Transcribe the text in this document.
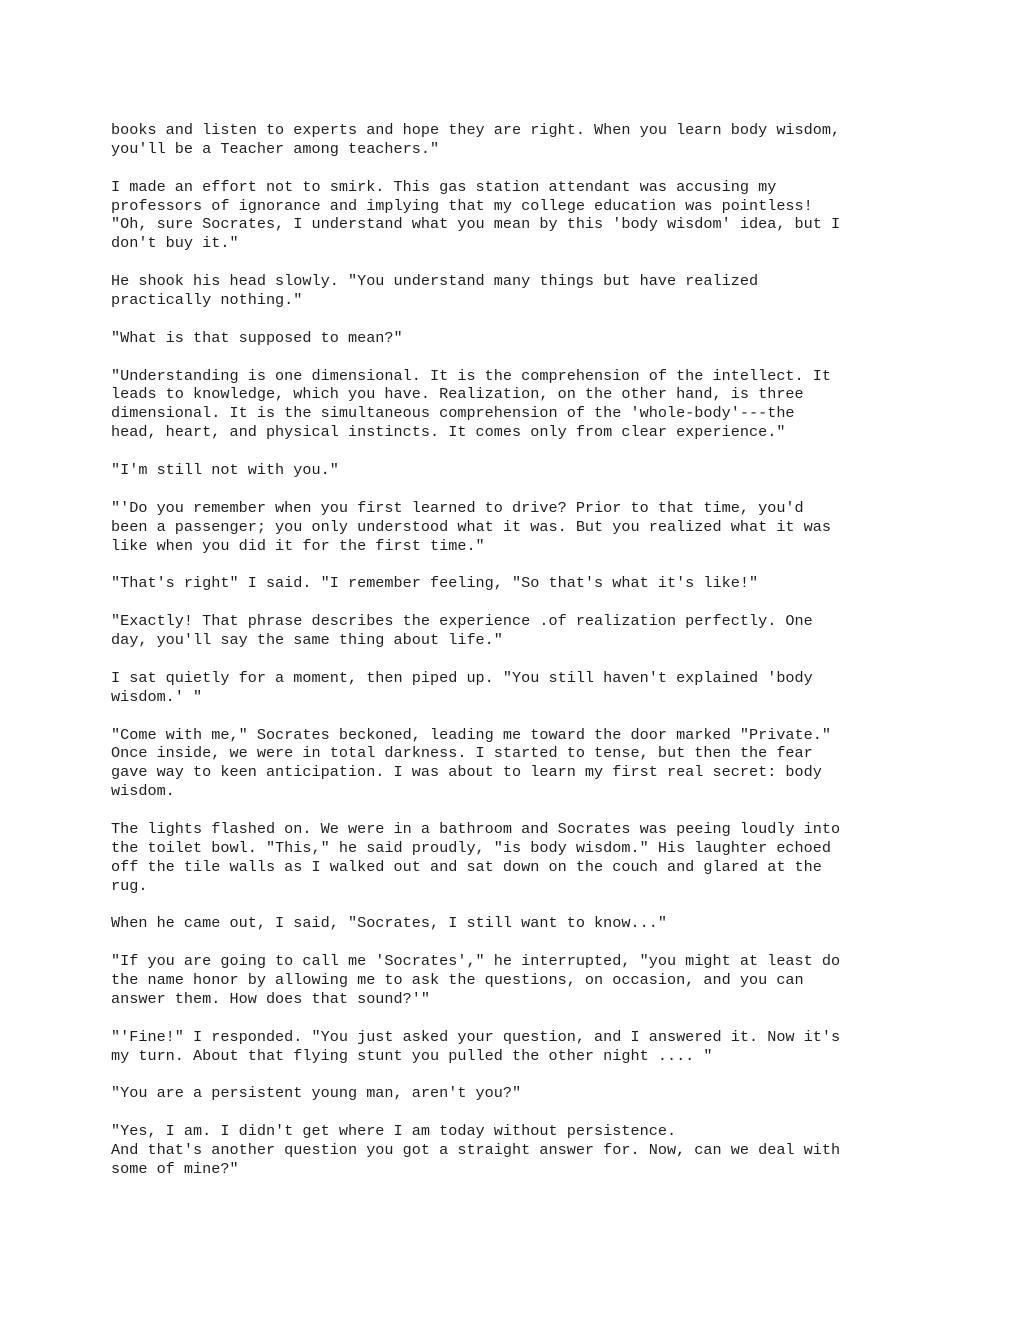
books and listen to experts and hope they are right. When you learn body wisdom,
you'll be a Teacher among teachers."
I made an effort not to smirk. This gas station attendant was accusing my
professors of ignorance and implying that my college education was pointless!
"Oh, sure Socrates, I understand what you mean by this 'body wisdom' idea, but I
don't buy it."
He shook his head slowly. "You understand many things but have realized
practically nothing."
"What is that supposed to mean?"
"Understanding is one dimensional. It is the comprehension of the intellect. It
leads to knowledge, which you have. Realization, on the other hand, is three
dimensional. It is the simultaneous comprehension of the 'whole-body'---the
head, heart, and physical instincts. It comes only from clear experience."
"I'm still not with you."
"'Do you remember when you first learned to drive? Prior to that time, you'd
been a passenger; you only understood what it was. But you realized what it was
like when you did it for the first time."
"That's right" I said. "I remember feeling, "So that's what it's like!"
"Exactly! That phrase describes the experience .of realization perfectly. One
day, you'll say the same thing about life."
I sat quietly for a moment, then piped up. "You still haven't explained 'body
wisdom.' "
"Come with me," Socrates beckoned, leading me toward the door marked "Private."
Once inside, we were in total darkness. I started to tense, but then the fear
gave way to keen anticipation. I was about to learn my first real secret: body
wisdom.
The lights flashed on. We were in a bathroom and Socrates was peeing loudly into
the toilet bowl. "This," he said proudly, "is body wisdom." His laughter echoed
off the tile walls as I walked out and sat down on the couch and glared at the
rug.
When he came out, I said, "Socrates, I still want to know..."
"If you are going to call me 'Socrates'," he interrupted, "you might at least do
the name honor by allowing me to ask the questions, on occasion, and you can
answer them. How does that sound?'"
"'Fine!" I responded. "You just asked your question, and I answered it. Now it's
my turn. About that flying stunt you pulled the other night .... "
"You are a persistent young man, aren't you?"
"Yes, I am. I didn't get where I am today without persistence.
And that's another question you got a straight answer for. Now, can we deal with
some of mine?"
